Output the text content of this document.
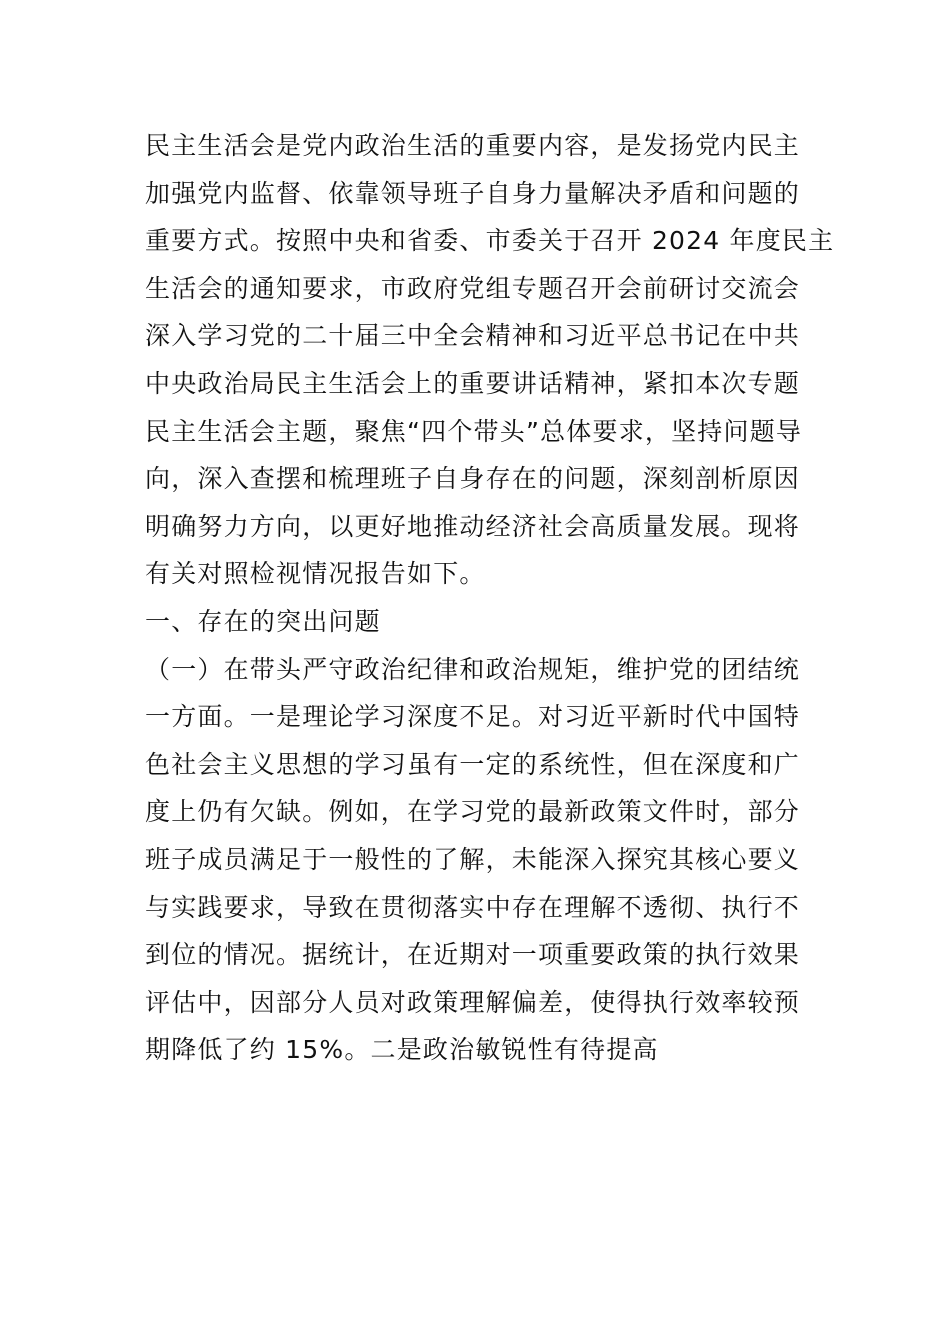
民主生活会是党内政治生活的重要内容，是发扬党内民主
加强党内监督、依靠领导班子自身力量解决矛盾和问题的
重要方式。按照中央和省委、市委关于召开 2024 年度民主
生活会的通知要求，市政府党组专题召开会前研讨交流会
深入学习党的二十届三中全会精神和习近平总书记在中共
中央政治局民主生活会上的重要讲话精神，紧扣本次专题
民主生活会主题，聚焦“四个带头”总体要求，坚持问题导
向，深入查摆和梳理班子自身存在的问题，深刻剖析原因
明确努力方向，以更好地推动经济社会高质量发展。现将
有关对照检视情况报告如下。
一、存在的突出问题
（一）在带头严守政治纪律和政治规矩，维护党的团结统
一方面。一是理论学习深度不足。对习近平新时代中国特
色社会主义思想的学习虽有一定的系统性，但在深度和广
度上仍有欠缺。例如，在学习党的最新政策文件时，部分
班子成员满足于一般性的了解，未能深入探究其核心要义
与实践要求，导致在贯彻落实中存在理解不透彻、执行不
到位的情况。据统计，在近期对一项重要政策的执行效果
评估中，因部分人员对政策理解偏差，使得执行效率较预
期降低了约 15%。二是政治敏锐性有待提高
